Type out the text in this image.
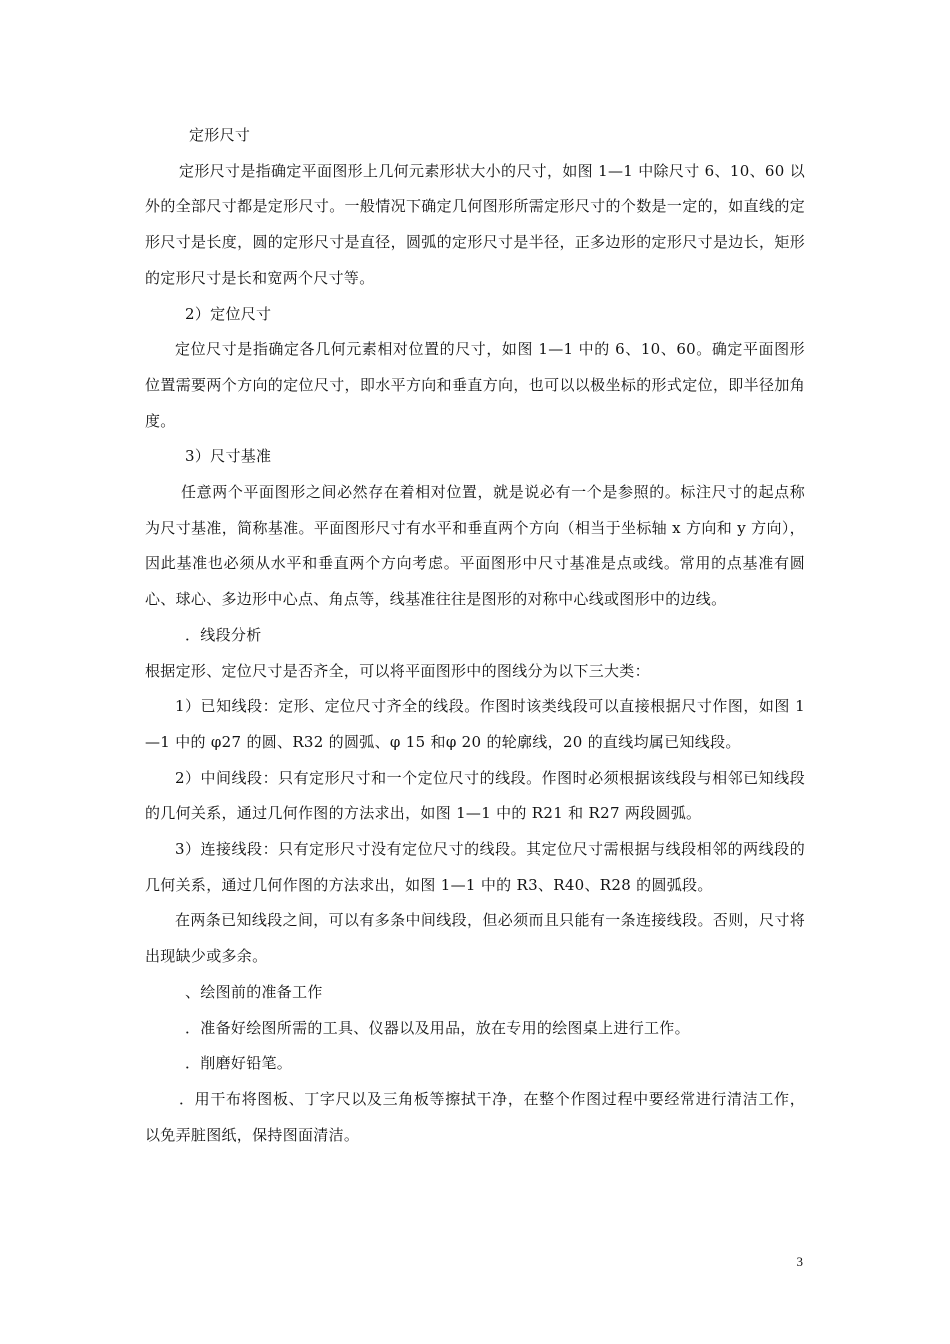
定形尺寸

定形尺寸是指确定平面图形上几何元素形状大小的尺寸，如图 1—1 中除尺寸 6、10、60 以外的全部尺寸都是定形尺寸。一般情况下确定几何图形所需定形尺寸的个数是一定的，如直线的定形尺寸是长度，圆的定形尺寸是直径，圆弧的定形尺寸是半径，正多边形的定形尺寸是边长，矩形的定形尺寸是长和宽两个尺寸等。

2）定位尺寸

定位尺寸是指确定各几何元素相对位置的尺寸，如图 1—1 中的 6、10、60。确定平面图形位置需要两个方向的定位尺寸，即水平方向和垂直方向，也可以以极坐标的形式定位，即半径加角度。

3）尺寸基准

任意两个平面图形之间必然存在着相对位置，就是说必有一个是参照的。标注尺寸的起点称为尺寸基准，简称基准。平面图形尺寸有水平和垂直两个方向（相当于坐标轴 x 方向和 y 方向），因此基准也必须从水平和垂直两个方向考虑。平面图形中尺寸基准是点或线。常用的点基准有圆心、球心、多边形中心点、角点等，线基准往往是图形的对称中心线或图形中的边线。

．线段分析

根据定形、定位尺寸是否齐全，可以将平面图形中的图线分为以下三大类：

1）已知线段：定形、定位尺寸齐全的线段。作图时该类线段可以直接根据尺寸作图，如图 1—1 中的 φ27 的圆、R32 的圆弧、φ 15 和φ 20 的轮廓线，20 的直线均属已知线段。

2）中间线段：只有定形尺寸和一个定位尺寸的线段。作图时必须根据该线段与相邻已知线段的几何关系，通过几何作图的方法求出，如图 1—1 中的 R21 和 R27 两段圆弧。

3）连接线段：只有定形尺寸没有定位尺寸的线段。其定位尺寸需根据与线段相邻的两线段的几何关系，通过几何作图的方法求出，如图 1—1 中的 R3、R40、R28 的圆弧段。

在两条已知线段之间，可以有多条中间线段，但必须而且只能有一条连接线段。否则，尺寸将出现缺少或多余。

、绘图前的准备工作

．准备好绘图所需的工具、仪器以及用品，放在专用的绘图桌上进行工作。

．削磨好铅笔。

．用干布将图板、丁字尺以及三角板等擦拭干净，在整个作图过程中要经常进行清洁工作，以免弄脏图纸，保持图面清洁。

3
